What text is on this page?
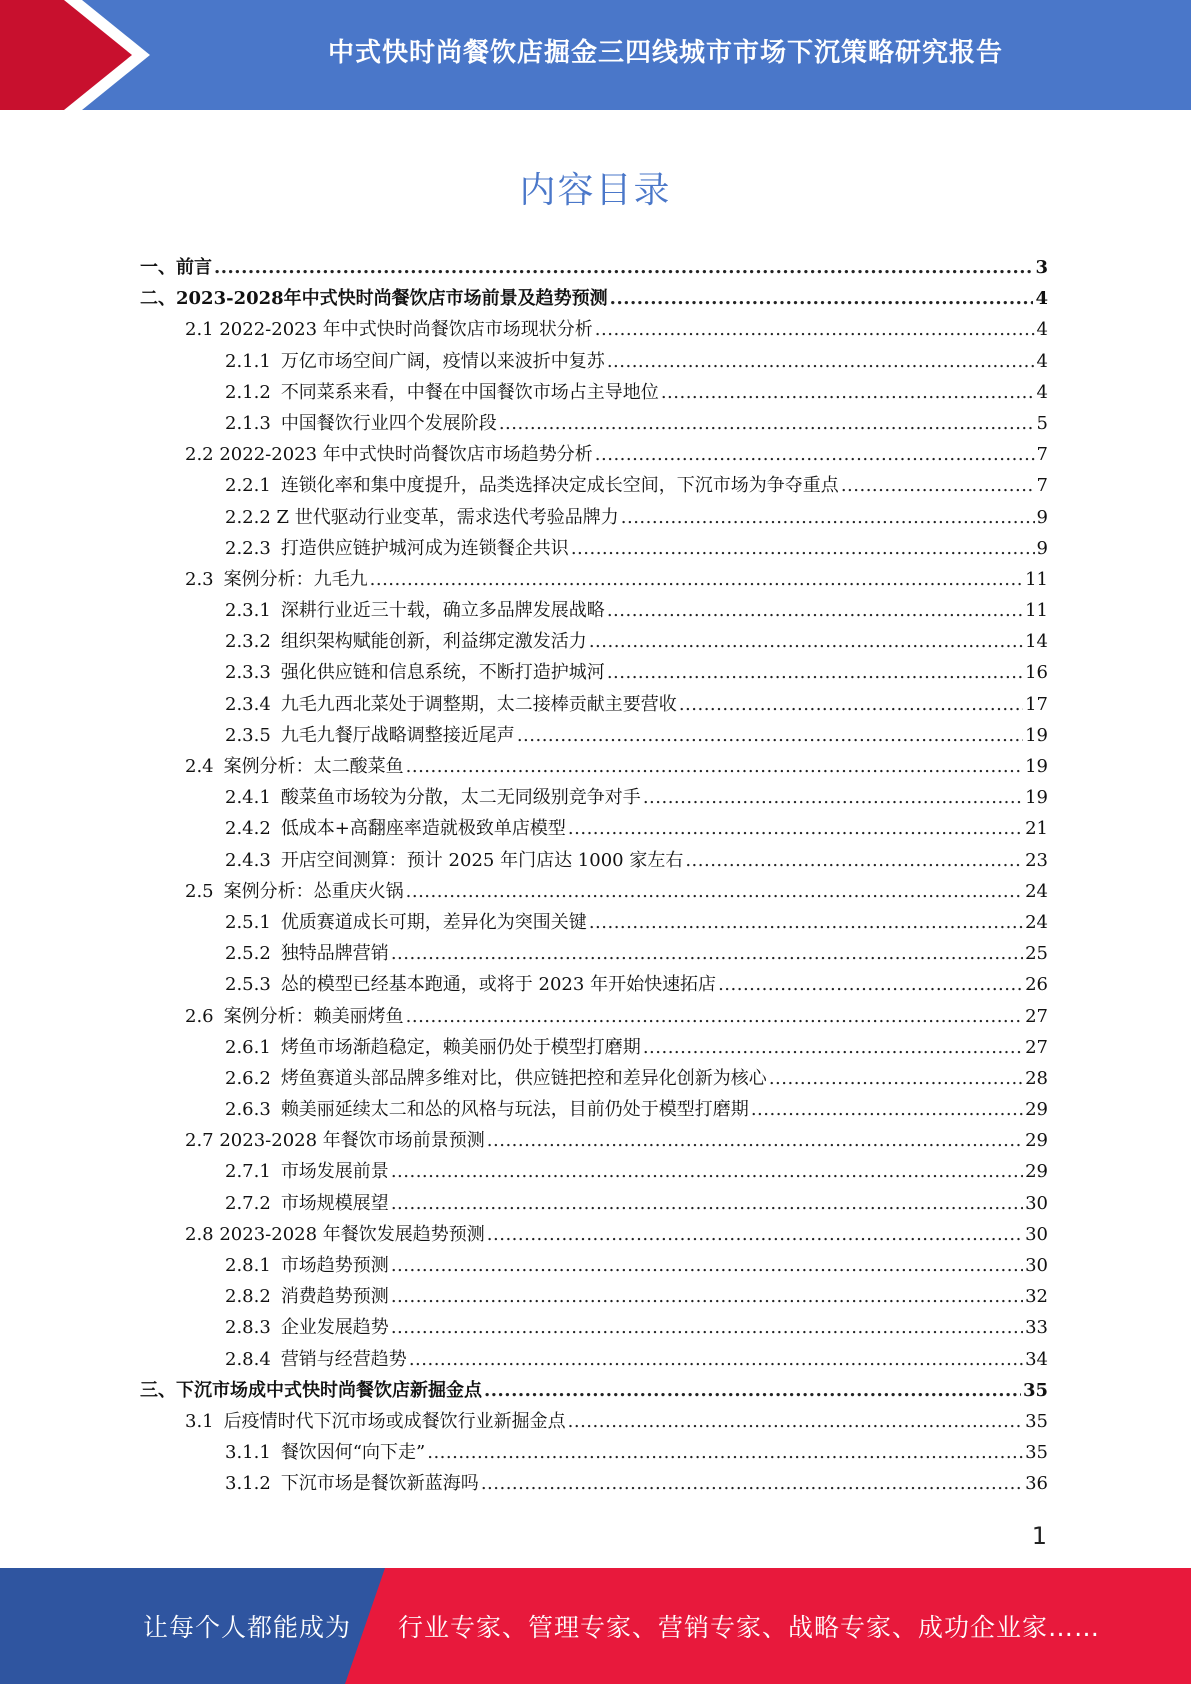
中式快时尚餐饮店掘金三四线城市市场下沉策略研究报告
内容目录
一、前言 .....	3
二、2023-2028年中式快时尚餐饮店市场前景及趋势预测 .....	4
2.1 2022-2023 年中式快时尚餐饮店市场现状分析 .....	4
2.1.1 万亿市场空间广阔，疫情以来波折中复苏 .....	4
2.1.2 不同菜系来看，中餐在中国餐饮市场占主导地位 .....	4
2.1.3 中国餐饮行业四个发展阶段 .....	5
2.2 2022-2023 年中式快时尚餐饮店市场趋势分析 .....	7
2.2.1 连锁化率和集中度提升，品类选择决定成长空间，下沉市场为争夺重点 .....	7
2.2.2 Z 世代驱动行业变革，需求迭代考验品牌力 .....	9
2.2.3 打造供应链护城河成为连锁餐企共识 .....	9
2.3 案例分析：九毛九 .....	11
2.3.1 深耕行业近三十载，确立多品牌发展战略 .....	11
2.3.2 组织架构赋能创新，利益绑定激发活力 .....	14
2.3.3 强化供应链和信息系统，不断打造护城河 .....	16
2.3.4 九毛九西北菜处于调整期，太二接棒贡献主要营收 .....	17
2.3.5 九毛九餐厅战略调整接近尾声 .....	19
2.4 案例分析：太二酸菜鱼 .....	19
2.4.1 酸菜鱼市场较为分散，太二无同级别竞争对手 .....	19
2.4.2 低成本+高翻座率造就极致单店模型 .....	21
2.4.3 开店空间测算：预计 2025 年门店达 1000 家左右 .....	23
2.5 案例分析：怂重庆火锅 .....	24
2.5.1 优质赛道成长可期，差异化为突围关键 .....	24
2.5.2 独特品牌营销 .....	25
2.5.3 怂的模型已经基本跑通，或将于 2023 年开始快速拓店 .....	26
2.6 案例分析：赖美丽烤鱼 .....	27
2.6.1 烤鱼市场渐趋稳定，赖美丽仍处于模型打磨期 .....	27
2.6.2 烤鱼赛道头部品牌多维对比，供应链把控和差异化创新为核心 .....	28
2.6.3 赖美丽延续太二和怂的风格与玩法，目前仍处于模型打磨期 .....	29
2.7 2023-2028 年餐饮市场前景预测 .....	29
2.7.1 市场发展前景 .....	29
2.7.2 市场规模展望 .....	30
2.8 2023-2028 年餐饮发展趋势预测 .....	30
2.8.1 市场趋势预测 .....	30
2.8.2 消费趋势预测 .....	32
2.8.3 企业发展趋势 .....	33
2.8.4 营销与经营趋势 .....	34
三、下沉市场成中式快时尚餐饮店新掘金点 .....	35
3.1 后疫情时代下沉市场或成餐饮行业新掘金点 .....	35
3.1.1 餐饮因何“向下走” .....	35
3.1.2 下沉市场是餐饮新蓝海吗 .....	36
1
让每个人都能成为 行业专家、管理专家、营销专家、战略专家、成功企业家……
